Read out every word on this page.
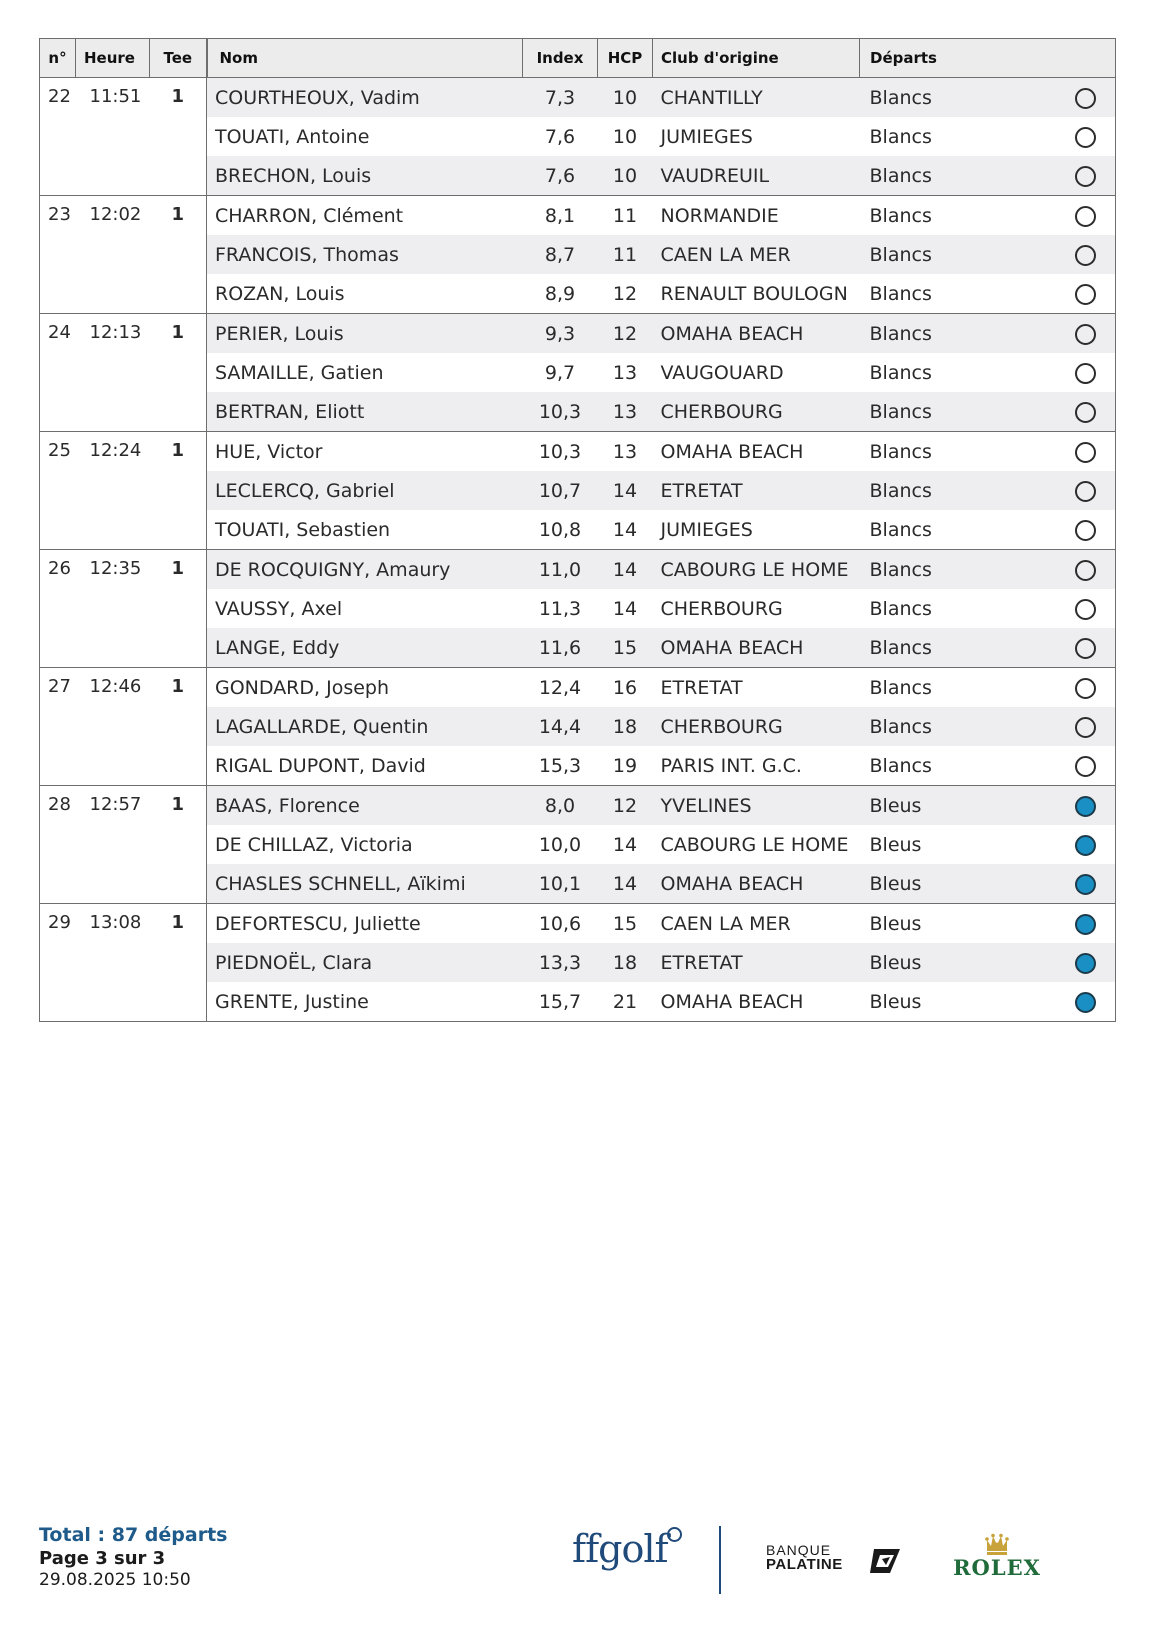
n°	Heure	Tee	Nom	Index	HCP	Club d'origine	Départs	
22	11:51	1	COURTHEOUX, Vadim	7,3	10	CHANTILLY	Blancs	
			TOUATI, Antoine	7,6	10	JUMIEGES	Blancs	
			BRECHON, Louis	7,6	10	VAUDREUIL	Blancs	
23	12:02	1	CHARRON, Clément	8,1	11	NORMANDIE	Blancs	
			FRANCOIS, Thomas	8,7	11	CAEN LA MER	Blancs	
			ROZAN, Louis	8,9	12	RENAULT BOULOGN	Blancs	
24	12:13	1	PERIER, Louis	9,3	12	OMAHA BEACH	Blancs	
			SAMAILLE, Gatien	9,7	13	VAUGOUARD	Blancs	
			BERTRAN, Eliott	10,3	13	CHERBOURG	Blancs	
25	12:24	1	HUE, Victor	10,3	13	OMAHA BEACH	Blancs	
			LECLERCQ, Gabriel	10,7	14	ETRETAT	Blancs	
			TOUATI, Sebastien	10,8	14	JUMIEGES	Blancs	
26	12:35	1	DE ROCQUIGNY, Amaury	11,0	14	CABOURG LE HOME	Blancs	
			VAUSSY, Axel	11,3	14	CHERBOURG	Blancs	
			LANGE, Eddy	11,6	15	OMAHA BEACH	Blancs	
27	12:46	1	GONDARD, Joseph	12,4	16	ETRETAT	Blancs	
			LAGALLARDE, Quentin	14,4	18	CHERBOURG	Blancs	
			RIGAL DUPONT, David	15,3	19	PARIS INT. G.C.	Blancs	
28	12:57	1	BAAS, Florence	8,0	12	YVELINES	Bleus	
			DE CHILLAZ, Victoria	10,0	14	CABOURG LE HOME	Bleus	
			CHASLES SCHNELL, Aïkimi	10,1	14	OMAHA BEACH	Bleus	
29	13:08	1	DEFORTESCU, Juliette	10,6	15	CAEN LA MER	Bleus	
			PIEDNOËL, Clara	13,3	18	ETRETAT	Bleus	
			GRENTE, Justine	15,7	21	OMAHA BEACH	Bleus	
Total : 87 départs
Page 3 sur 3
29.08.2025 10:50
ffgolf	BANQUE
PALATINE	ROLEX
